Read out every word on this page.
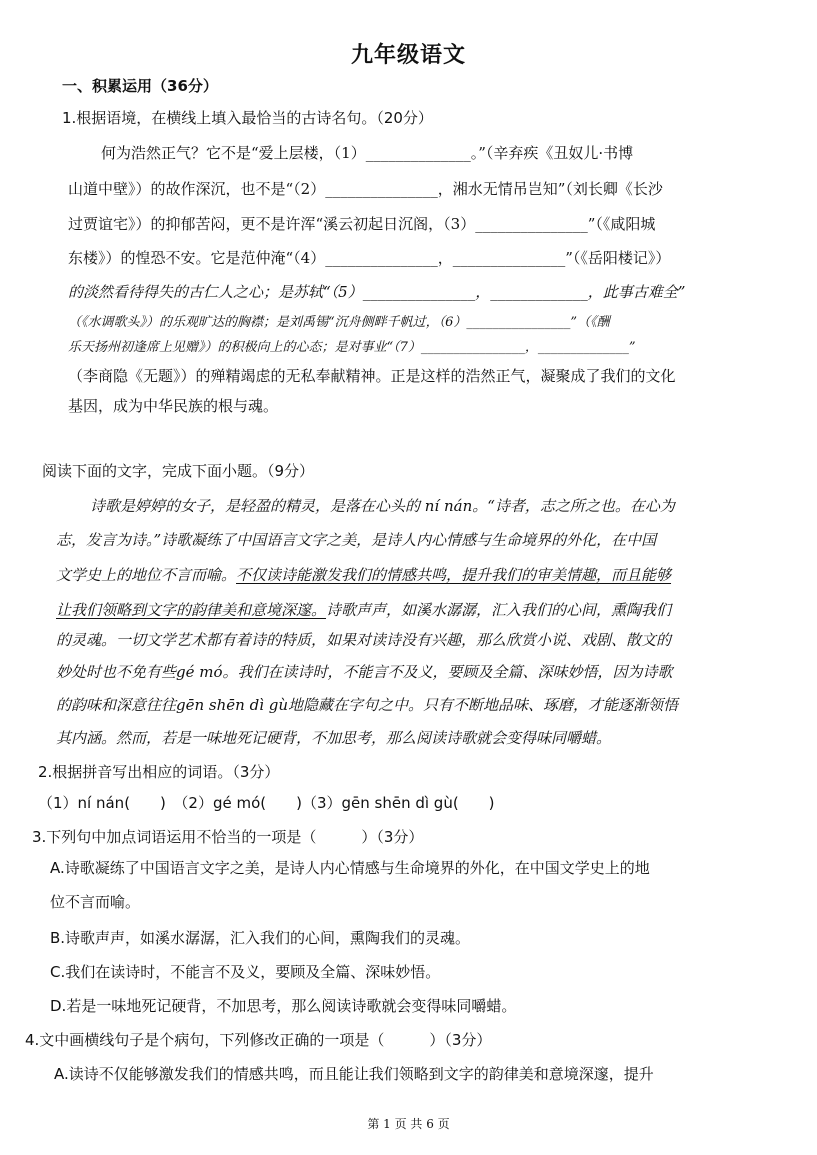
九年级语文
一、积累运用（36分）
1.根据语境，在横线上填入最恰当的古诗名句。（20分）
何为浩然正气？它不是“爱上层楼，（1）______________。”（辛弃疾《丑奴儿·书博
山道中壁》）的故作深沉，也不是“（2）_______________，湘水无情吊岂知”（刘长卿《长沙
过贾谊宅》）的抑郁苦闷，更不是许浑“溪云初起日沉阁，（3）_______________”（《咸阳城
东楼》）的惶恐不安。它是范仲淹“（4）_______________，_______________”（《岳阳楼记》）
的淡然看待得失的古仁人之心；是苏轼“（5）_______________，_____________，此事古难全”
（《水调歌头》）的乐观旷达的胸襟；是刘禹锡“沉舟侧畔千帆过，（6）________________”（《酬
乐天扬州初逢席上见赠》）的积极向上的心态；是对事业“（7）________________，______________”
（李商隐《无题》）的殚精竭虑的无私奉献精神。正是这样的浩然正气，凝聚成了我们的文化
基因，成为中华民族的根与魂。
阅读下面的文字，完成下面小题。（9分）
诗歌是婷婷的女子，是轻盈的精灵，是落在心头的 ní nán。“诗者，志之所之也。在心为
志，发言为诗。”诗歌凝练了中国语言文字之美，是诗人内心情感与生命境界的外化，在中国
文学史上的地位不言而喻。不仅读诗能激发我们的情感共鸣，提升我们的审美情趣，而且能够
让我们领略到文字的韵律美和意境深邃。诗歌声声，如溪水潺潺，汇入我们的心间，熏陶我们
的灵魂。一切文学艺术都有着诗的特质，如果对读诗没有兴趣，那么欣赏小说、戏剧、散文的
妙处时也不免有些gé mó。我们在读诗时，不能言不及义，要顾及全篇、深味妙悟，因为诗歌
的韵味和深意往往gēn shēn dì gù地隐藏在字句之中。只有不断地品味、琢磨，才能逐渐领悟
其内涵。然而，若是一味地死记硬背，不加思考，那么阅读诗歌就会变得味同嚼蜡。
2.根据拼音写出相应的词语。（3分）
（1）ní nán(　　)　（2）gé mó(　　)（3）gēn shēn dì gù(　　)
3.下列句中加点词语运用不恰当的一项是（　　　）（3分）
A.诗歌凝练了中国语言文字之美，是诗人内心情感与生命境界的外化，在中国文学史上的地
位不言而喻。
B.诗歌声声，如溪水潺潺，汇入我们的心间，熏陶我们的灵魂。
C.我们在读诗时，不能言不及义，要顾及全篇、深味妙悟。
D.若是一味地死记硬背，不加思考，那么阅读诗歌就会变得味同嚼蜡。
4.文中画横线句子是个病句，下列修改正确的一项是（　　　）（3分）
A.读诗不仅能够激发我们的情感共鸣，而且能让我们领略到文字的韵律美和意境深邃，提升
第 1 页 共 6 页
